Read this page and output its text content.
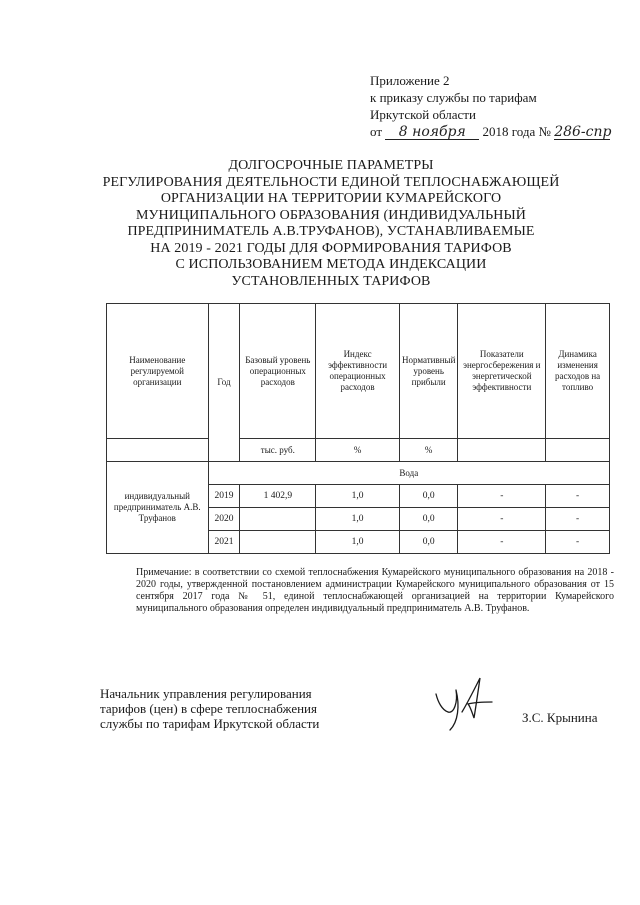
Приложение 2
к приказу службы по тарифам
Иркутской области
от 8 ноября 2018 года № 286-спр
ДОЛГОСРОЧНЫЕ ПАРАМЕТРЫ
РЕГУЛИРОВАНИЯ ДЕЯТЕЛЬНОСТИ ЕДИНОЙ ТЕПЛОСНАБЖАЮЩЕЙ
ОРГАНИЗАЦИИ НА ТЕРРИТОРИИ КУМАРЕЙСКОГО
МУНИЦИПАЛЬНОГО ОБРАЗОВАНИЯ (ИНДИВИДУАЛЬНЫЙ
ПРЕДПРИНИМАТЕЛЬ А.В.ТРУФАНОВ), УСТАНАВЛИВАЕМЫЕ
НА 2019 - 2021 ГОДЫ ДЛЯ ФОРМИРОВАНИЯ ТАРИФОВ
С ИСПОЛЬЗОВАНИЕМ МЕТОДА ИНДЕКСАЦИИ
УСТАНОВЛЕННЫХ ТАРИФОВ
Наименование регулируемой организации	Год	Базовый уровень операционных расходов	Индекс эффективности операционных расходов	Нормативный уровень прибыли	Показатели энергосбережения и энергетической эффективности	Динамика изменения расходов на топливо
		тыс. руб.	%	%		
индивидуальный предприниматель А.В. Труфанов	Вода					
	2019	1 402,9	1,0	0,0	-	-
	2020		1,0	0,0	-	-
	2021		1,0	0,0	-	-
Примечание: в соответствии со схемой теплоснабжения Кумарейского муниципального образования на 2018 - 2020 годы, утвержденной постановлением администрации Кумарейского муниципального образования от 15 сентября 2017 года № 51, единой теплоснабжающей организацией на территории Кумарейского муниципального образования определен индивидуальный предприниматель А.В. Труфанов.
Начальник управления регулирования
тарифов (цен) в сфере теплоснабжения
службы по тарифам Иркутской области	З.С. Крынина
